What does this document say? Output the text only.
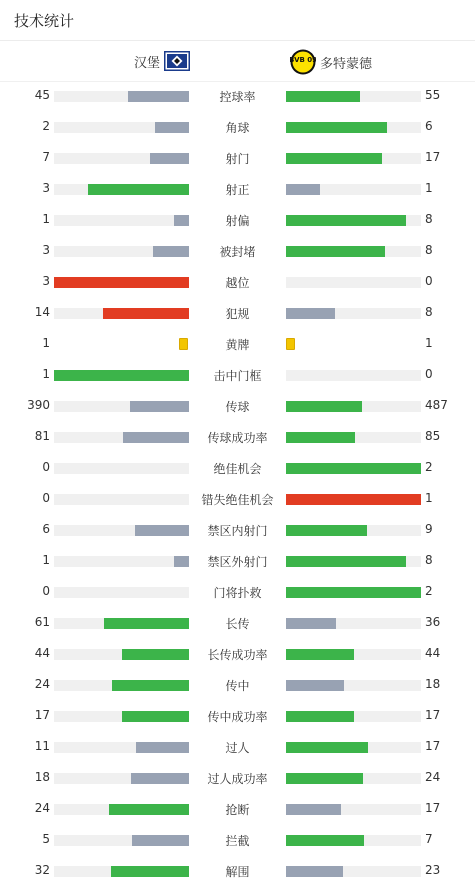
技术统计
汉堡	BVB 09 多特蒙德
45	控球率	55
2	角球	6
7	射门	17
3	射正	1
1	射偏	8
3	被封堵	8
3	越位	0
14	犯规	8
1	黄牌	1
1	击中门框	0
390	传球	487
81	传球成功率	85
0	绝佳机会	2
0	错失绝佳机会	1
6	禁区内射门	9
1	禁区外射门	8
0	门将扑救	2
61	长传	36
44	长传成功率	44
24	传中	18
17	传中成功率	17
11	过人	17
18	过人成功率	24
24	抢断	17
5	拦截	7
32	解围	23
